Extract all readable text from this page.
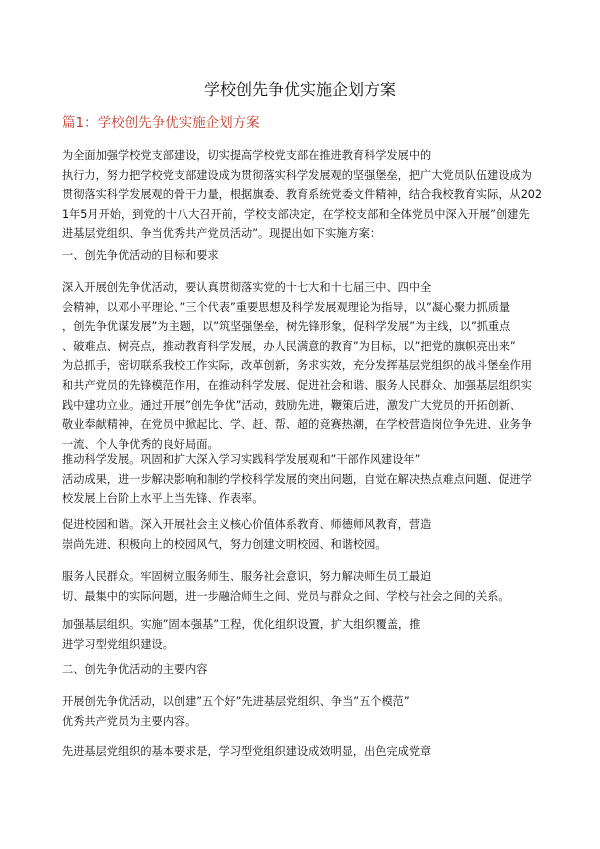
学校创先争优实施企划方案
篇1：学校创先争优实施企划方案

为全面加强学校党支部建设，切实提高学校党支部在推进教育科学发展中的
执行力，努力把学校党支部建设成为贯彻落实科学发展观的坚强堡垒，把广大党员队伍建设成为
贯彻落实科学发展观的骨干力量，根据旗委、教育系统党委文件精神，结合我校教育实际，从202
1年5月开始，到党的十八大召开前，学校支部决定，在学校支部和全体党员中深入开展”创建先
进基层党组织、争当优秀共产党员活动”。现提出如下实施方案：

一、创先争优活动的目标和要求

深入开展创先争优活动，要认真贯彻落实党的十七大和十七届三中、四中全
会精神，以邓小平理论、”三个代表”重要思想及科学发展观理论为指导，以”凝心聚力抓质量
，创先争优谋发展”为主题，以”筑坚强堡垒，树先锋形象，促科学发展”为主线，以”抓重点
、破难点、树亮点，推动教育科学发展，办人民满意的教育”为目标，以”把党的旗帜亮出来”
为总抓手，密切联系我校工作实际，改革创新，务求实效，充分发挥基层党组织的战斗堡垒作用
和共产党员的先锋模范作用，在推动科学发展、促进社会和谐、服务人民群众、加强基层组织实
践中建功立业。通过开展”创先争优”活动，鼓励先进，鞭策后进，激发广大党员的开拓创新、
敬业奉献精神，在党员中掀起比、学、赶、帮、超的竞赛热潮，在学校营造岗位争先进、业务争
一流、个人争优秀的良好局面。

推动科学发展。巩固和扩大深入学习实践科学发展观和”干部作风建设年”
活动成果，进一步解决影响和制约学校科学发展的突出问题，自觉在解决热点难点问题、促进学
校发展上台阶上水平上当先锋、作表率。

促进校园和谐。深入开展社会主义核心价值体系教育、师德师风教育，营造
崇尚先进、积极向上的校园风气，努力创建文明校园、和谐校园。

服务人民群众。牢固树立服务师生、服务社会意识，努力解决师生员工最迫
切、最集中的实际问题，进一步融洽师生之间、党员与群众之间、学校与社会之间的关系。

加强基层组织。实施”固本强基”工程，优化组织设置，扩大组织覆盖，推
进学习型党组织建设。

二、创先争优活动的主要内容

开展创先争优活动，以创建”五个好”先进基层党组织、争当”五个模范”
优秀共产党员为主要内容。

先进基层党组织的基本要求是，学习型党组织建设成效明显，出色完成党章
